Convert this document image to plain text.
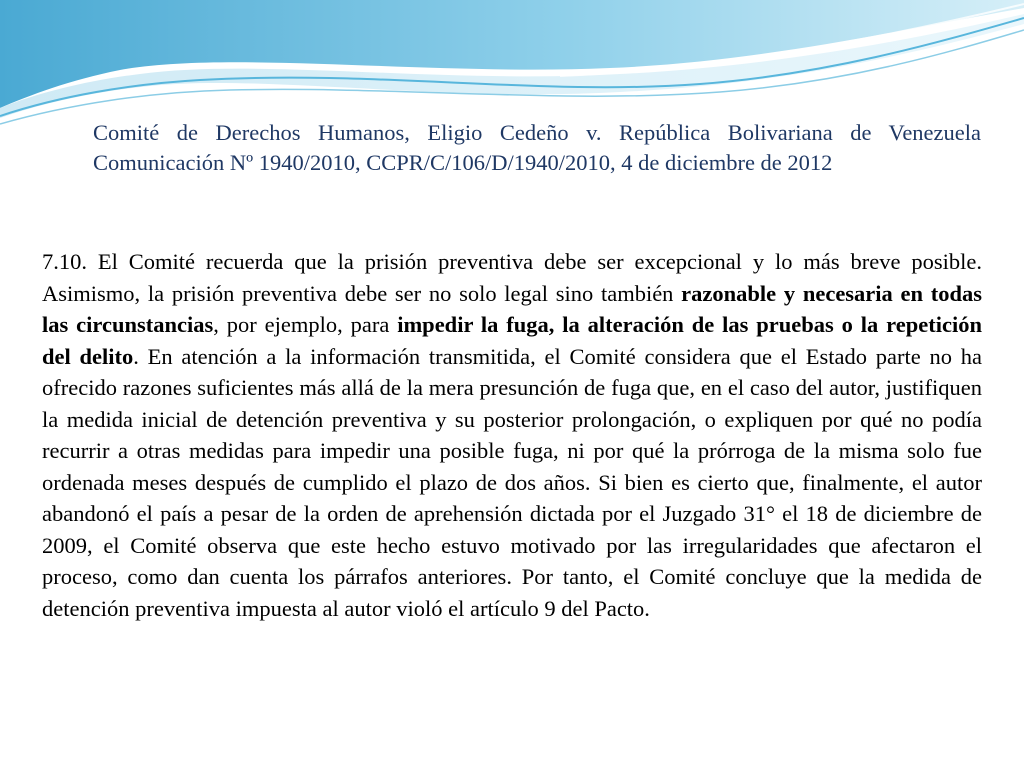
Comité de Derechos Humanos, Eligio Cedeño v. República Bolivariana de Venezuela Comunicación Nº 1940/2010, CCPR/C/106/D/1940/2010, 4 de diciembre de 2012

7.10. El Comité recuerda que la prisión preventiva debe ser excepcional y lo más breve posible. Asimismo, la prisión preventiva debe ser no solo legal sino también razonable y necesaria en todas las circunstancias, por ejemplo, para impedir la fuga, la alteración de las pruebas o la repetición del delito. En atención a la información transmitida, el Comité considera que el Estado parte no ha ofrecido razones suficientes más allá de la mera presunción de fuga que, en el caso del autor, justifiquen la medida inicial de detención preventiva y su posterior prolongación, o expliquen por qué no podía recurrir a otras medidas para impedir una posible fuga, ni por qué la prórroga de la misma solo fue ordenada meses después de cumplido el plazo de dos años. Si bien es cierto que, finalmente, el autor abandonó el país a pesar de la orden de aprehensión dictada por el Juzgado 31° el 18 de diciembre de 2009, el Comité observa que este hecho estuvo motivado por las irregularidades que afectaron el proceso, como dan cuenta los párrafos anteriores. Por tanto, el Comité concluye que la medida de detención preventiva impuesta al autor violó el artículo 9 del Pacto.
